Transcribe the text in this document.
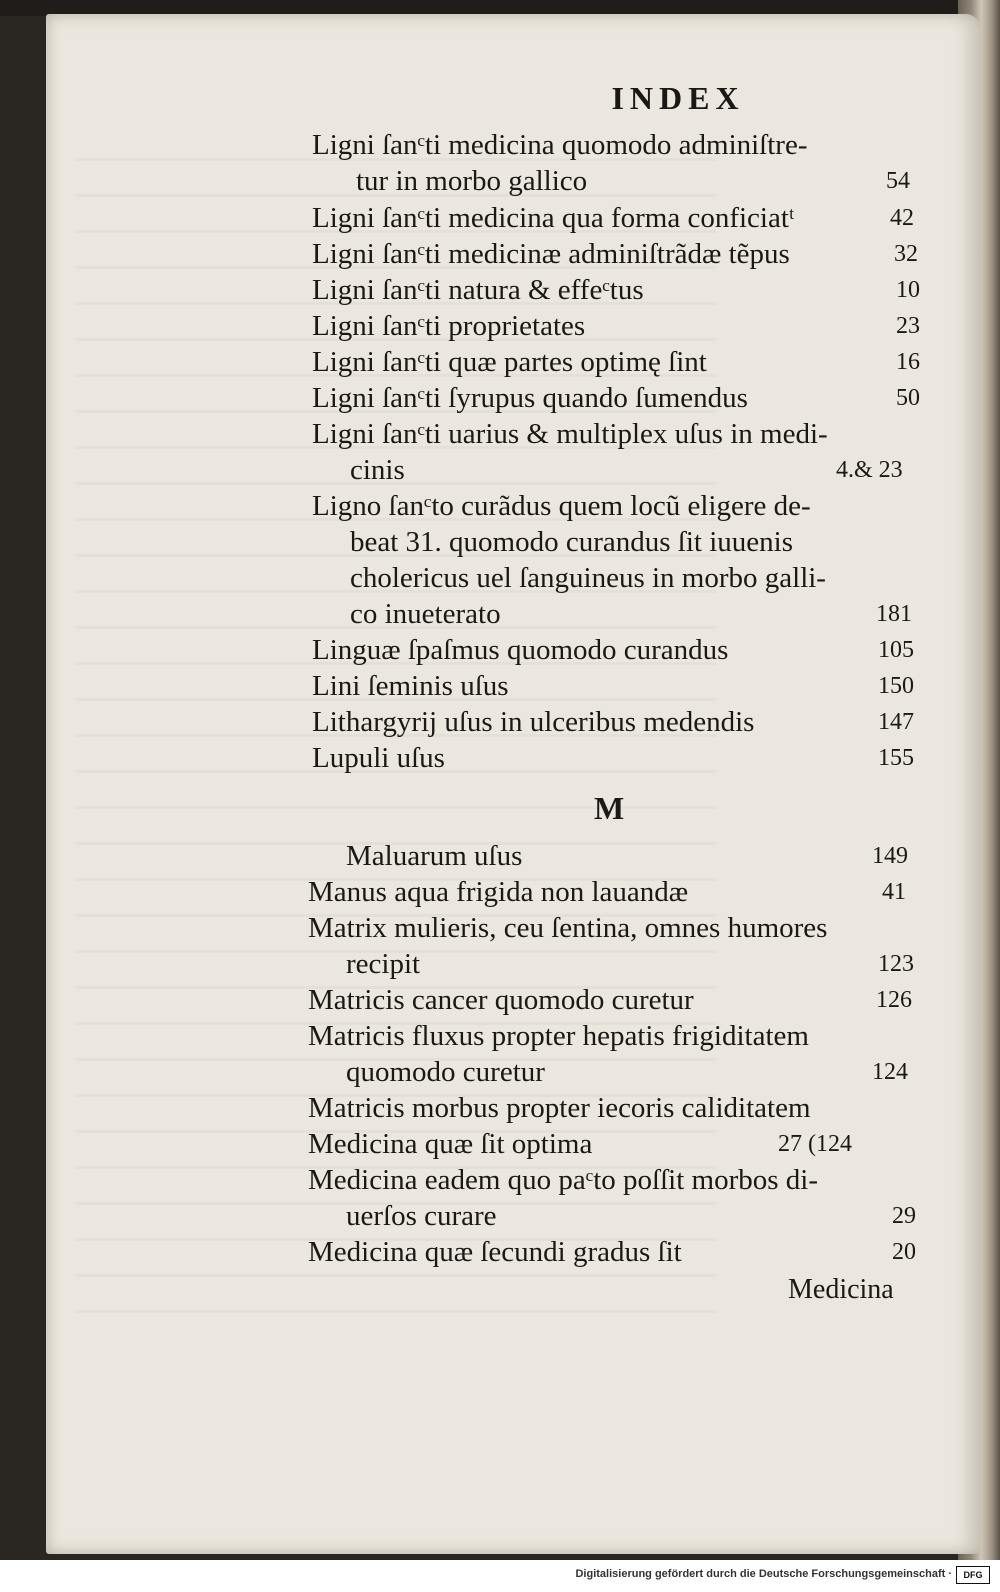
INDEX
Ligni ſanᶜti medicina quomodo adminiſtre-
tur in morbo gallico	54
Ligni ſanᶜti medicina qua forma conficiatᵗ	42
Ligni ſanᶜti medicinæ adminiſtrãdæ tẽpus	32
Ligni ſanᶜti natura & effeᶜtus	10
Ligni ſanᶜti proprietates	23
Ligni ſanᶜti quæ partes optimę ſint	16
Ligni ſanᶜti ſyrupus quando ſumendus	50
Ligni ſanᶜti uarius & multiplex uſus in medi-
cinis	4.& 23
Ligno ſanᶜto curãdus quem locũ eligere de-
beat 31. quomodo curandus ſit iuuenis
cholericus uel ſanguineus in morbo galli-
co inueterato	181
Linguæ ſpaſmus quomodo curandus	105
Lini ſeminis uſus	150
Lithargyrij uſus in ulceribus medendis	147
Lupuli uſus	155
M
Maluarum uſus	149
Manus aqua frigida non lauandæ	41
Matrix mulieris, ceu ſentina, omnes humores
recipit	123
Matricis cancer quomodo curetur	126
Matricis fluxus propter hepatis frigiditatem
quomodo curetur	124
Matricis morbus propter iecoris caliditatem
Medicina quæ ſit optima	27 (124
Medicina eadem quo paᶜto poſſit morbos di-
uerſos curare	29
Medicina quæ ſecundi gradus ſit	20
Medicina
Digitalisierung gefördert durch die Deutsche Forschungsgemeinschaft ·	DFG
